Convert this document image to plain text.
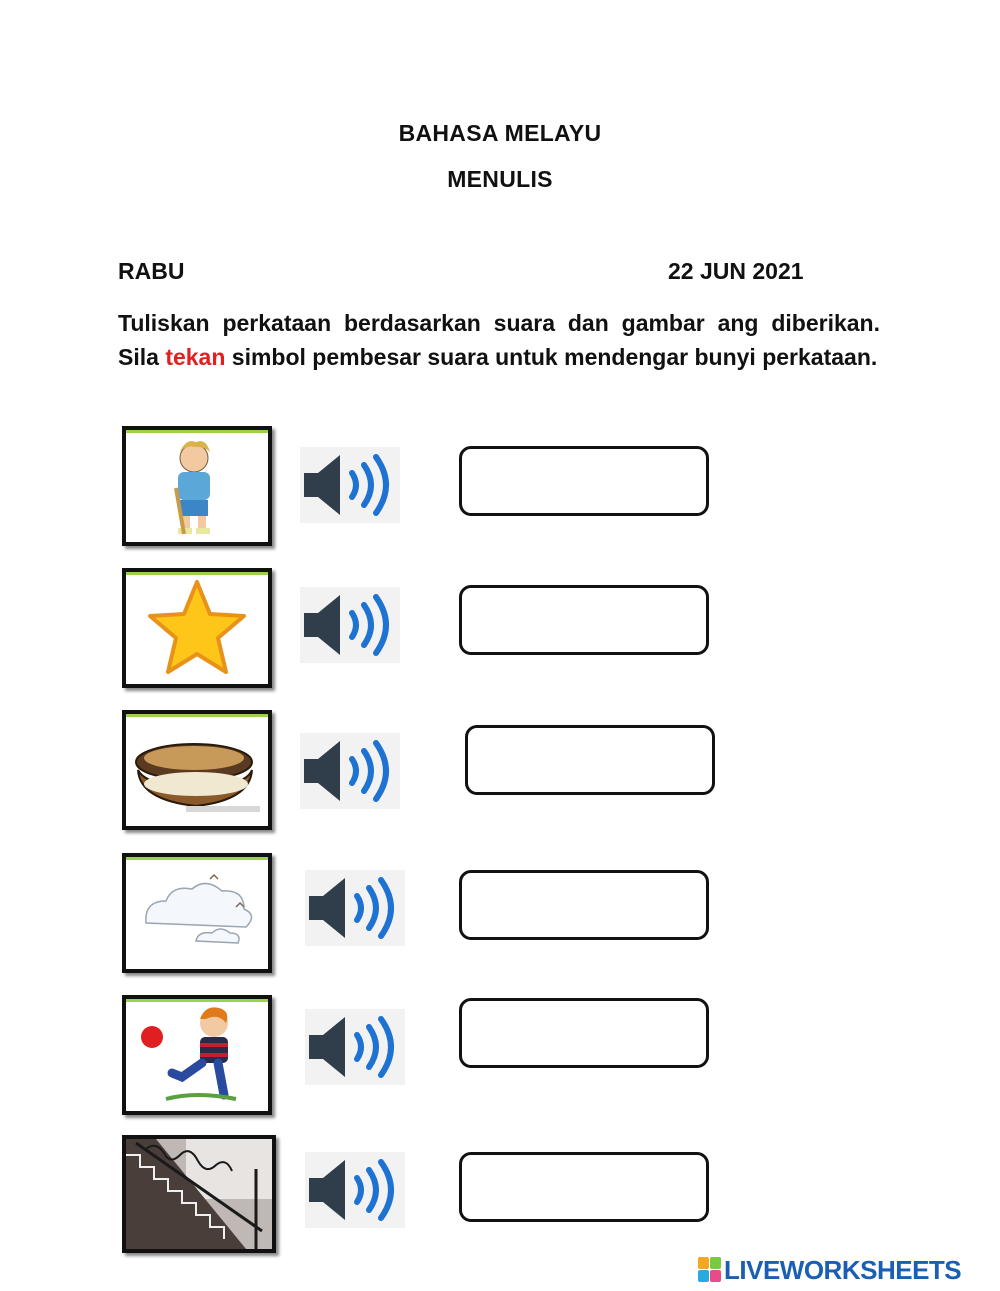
BAHASA MELAYU
MENULIS
RABU	22 JUN 2021
Tuliskan perkataan berdasarkan suara dan gambar ang diberikan. Sila tekan simbol pembesar suara untuk mendengar bunyi perkataan.
LIVEWORKSHEETS
